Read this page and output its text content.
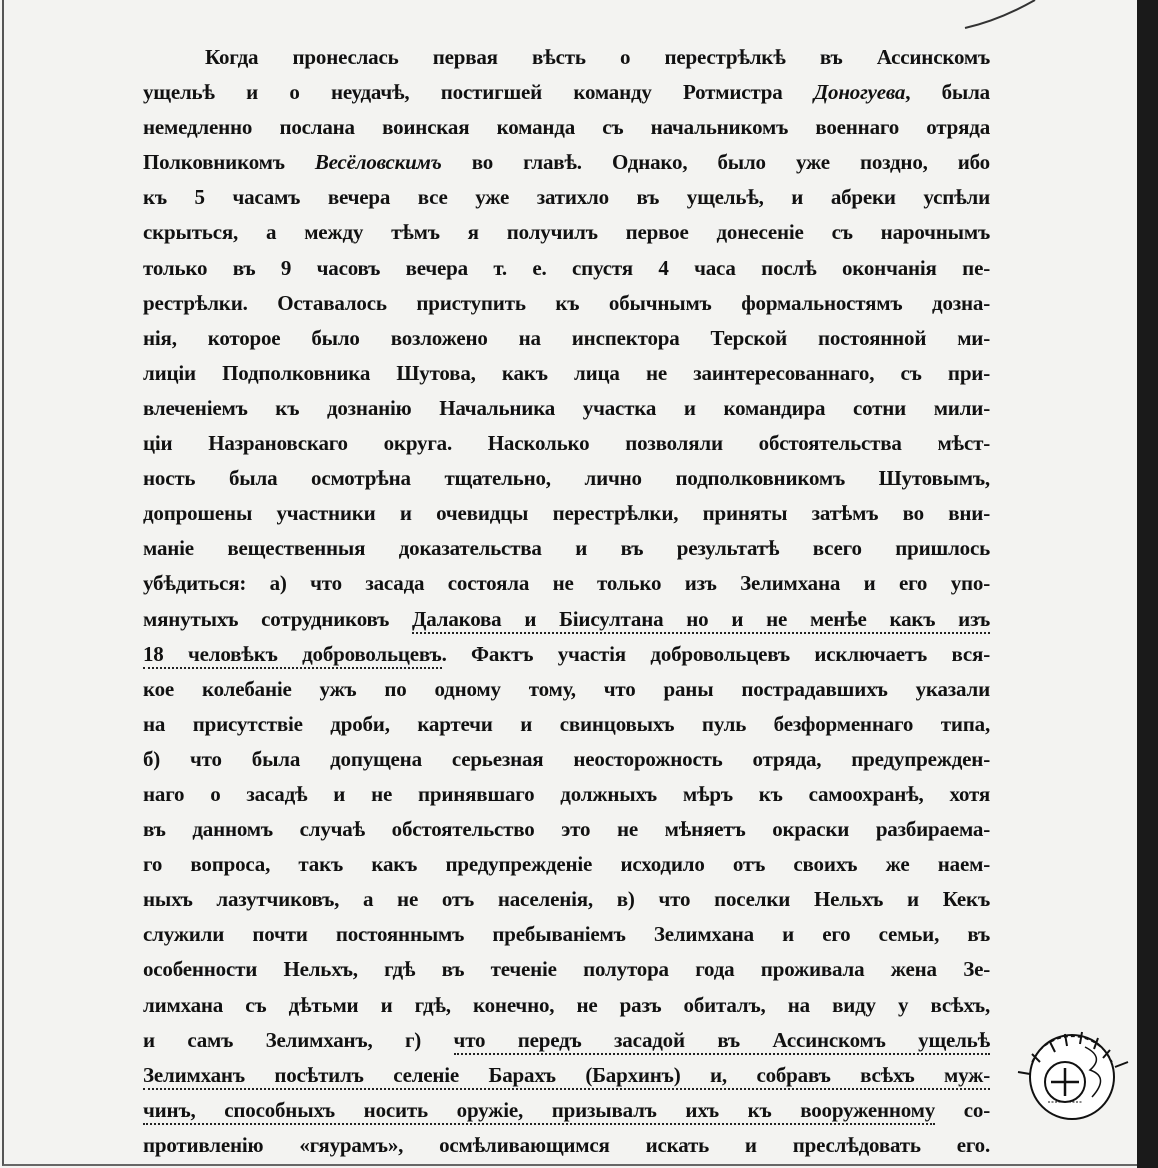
Когда пронеслась первая вѣсть о перестрѣлкѣ въ Ассинскомъ
ущельѣ и о неудачѣ, постигшей команду Ротмистра Доногуева, была
немедленно послана воинская команда съ начальникомъ военнаго отряда
Полковникомъ Весёловскимъ во главѣ. Однако, было уже поздно, ибо
къ 5 часамъ вечера все уже затихло въ ущельѣ, и абреки успѣли
скрыться, а между тѣмъ я получилъ первое донесеніе съ нарочнымъ
только въ 9 часовъ вечера т. е. спустя 4 часа послѣ окончанія пе-
рестрѣлки. Оставалось приступить къ обычнымъ формальностямъ дозна-
нія, которое было возложено на инспектора Терской постоянной ми-
лиціи Подполковника Шутова, какъ лица не заинтересованнаго, съ при-
влеченіемъ къ дознанію Начальника участка и командира сотни мили-
ціи Назрановскаго округа. Насколько позволяли обстоятельства мѣст-
ность была осмотрѣна тщательно, лично подполковникомъ Шутовымъ,
допрошены участники и очевидцы перестрѣлки, приняты затѣмъ во вни-
маніе вещественныя доказательства и въ результатѣ всего пришлось
убѣдиться: а) что засада состояла не только изъ Зелимхана и его упо-
мянутыхъ сотрудниковъ Далакова и Біисултана но и не менѣе какъ изъ
18 человѣкъ добровольцевъ. Фактъ участія добровольцевъ исключаетъ вся-
кое колебаніе ужъ по одному тому, что раны пострадавшихъ указали
на присутствіе дроби, картечи и свинцовыхъ пуль безформеннаго типа,
б) что была допущена серьезная неосторожность отряда, предупрежден-
наго о засадѣ и не принявшаго должныхъ мѣръ къ самоохранѣ, хотя
въ данномъ случаѣ обстоятельство это не мѣняетъ окраски разбираема-
го вопроса, такъ какъ предупрежденіе исходило отъ своихъ же наем-
ныхъ лазутчиковъ, а не отъ населенія, в) что поселки Нельхъ и Кекъ
служили почти постояннымъ пребываніемъ Зелимхана и его семьи, въ
особенности Нельхъ, гдѣ въ теченіе полутора года проживала жена Зе-
лимхана съ дѣтьми и гдѣ, конечно, не разъ обиталъ, на виду у всѣхъ,
и самъ Зелимханъ, г) что передъ засадой въ Ассинскомъ ущельѣ
Зелимханъ посѣтилъ селеніе Барахъ (Бархинъ) и, собравъ всѣхъ муж-
чинъ, способныхъ носить оружіе, призывалъ ихъ къ вооруженному со-
противленію «гяурамъ», осмѣливающимся искать и преслѣдовать его.
